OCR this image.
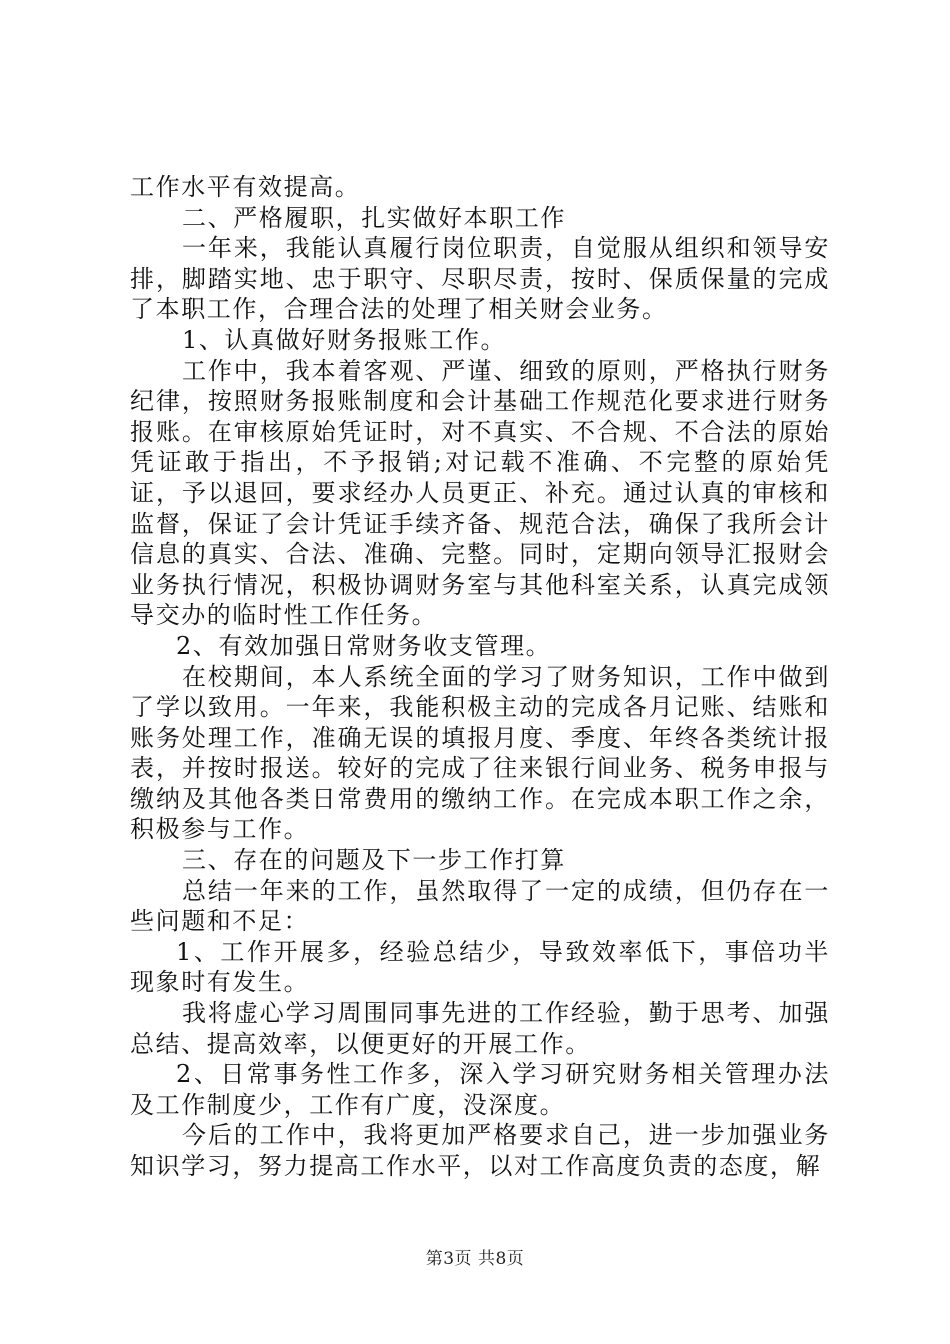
工作水平有效提高。

二、严格履职，扎实做好本职工作

一年来，我能认真履行岗位职责，自觉服从组织和领导安排，脚踏实地、忠于职守、尽职尽责，按时、保质保量的完成了本职工作，合理合法的处理了相关财会业务。

1、认真做好财务报账工作。

工作中，我本着客观、严谨、细致的原则，严格执行财务纪律，按照财务报账制度和会计基础工作规范化要求进行财务报账。在审核原始凭证时，对不真实、不合规、不合法的原始凭证敢于指出，不予报销;对记载不准确、不完整的原始凭证，予以退回，要求经办人员更正、补充。通过认真的审核和监督，保证了会计凭证手续齐备、规范合法，确保了我所会计信息的真实、合法、准确、完整。同时，定期向领导汇报财会业务执行情况，积极协调财务室与其他科室关系，认真完成领导交办的临时性工作任务。

2、有效加强日常财务收支管理。

在校期间，本人系统全面的学习了财务知识，工作中做到了学以致用。一年来，我能积极主动的完成各月记账、结账和账务处理工作，准确无误的填报月度、季度、年终各类统计报表，并按时报送。较好的完成了往来银行间业务、税务申报与缴纳及其他各类日常费用的缴纳工作。在完成本职工作之余，积极参与工作。

三、存在的问题及下一步工作打算

总结一年来的工作，虽然取得了一定的成绩，但仍存在一些问题和不足：

1、工作开展多，经验总结少，导致效率低下，事倍功半现象时有发生。

我将虚心学习周围同事先进的工作经验，勤于思考、加强总结、提高效率，以便更好的开展工作。

2、日常事务性工作多，深入学习研究财务相关管理办法及工作制度少，工作有广度，没深度。

今后的工作中，我将更加严格要求自己，进一步加强业务知识学习，努力提高工作水平，以对工作高度负责的态度，解

第3页 共8页
